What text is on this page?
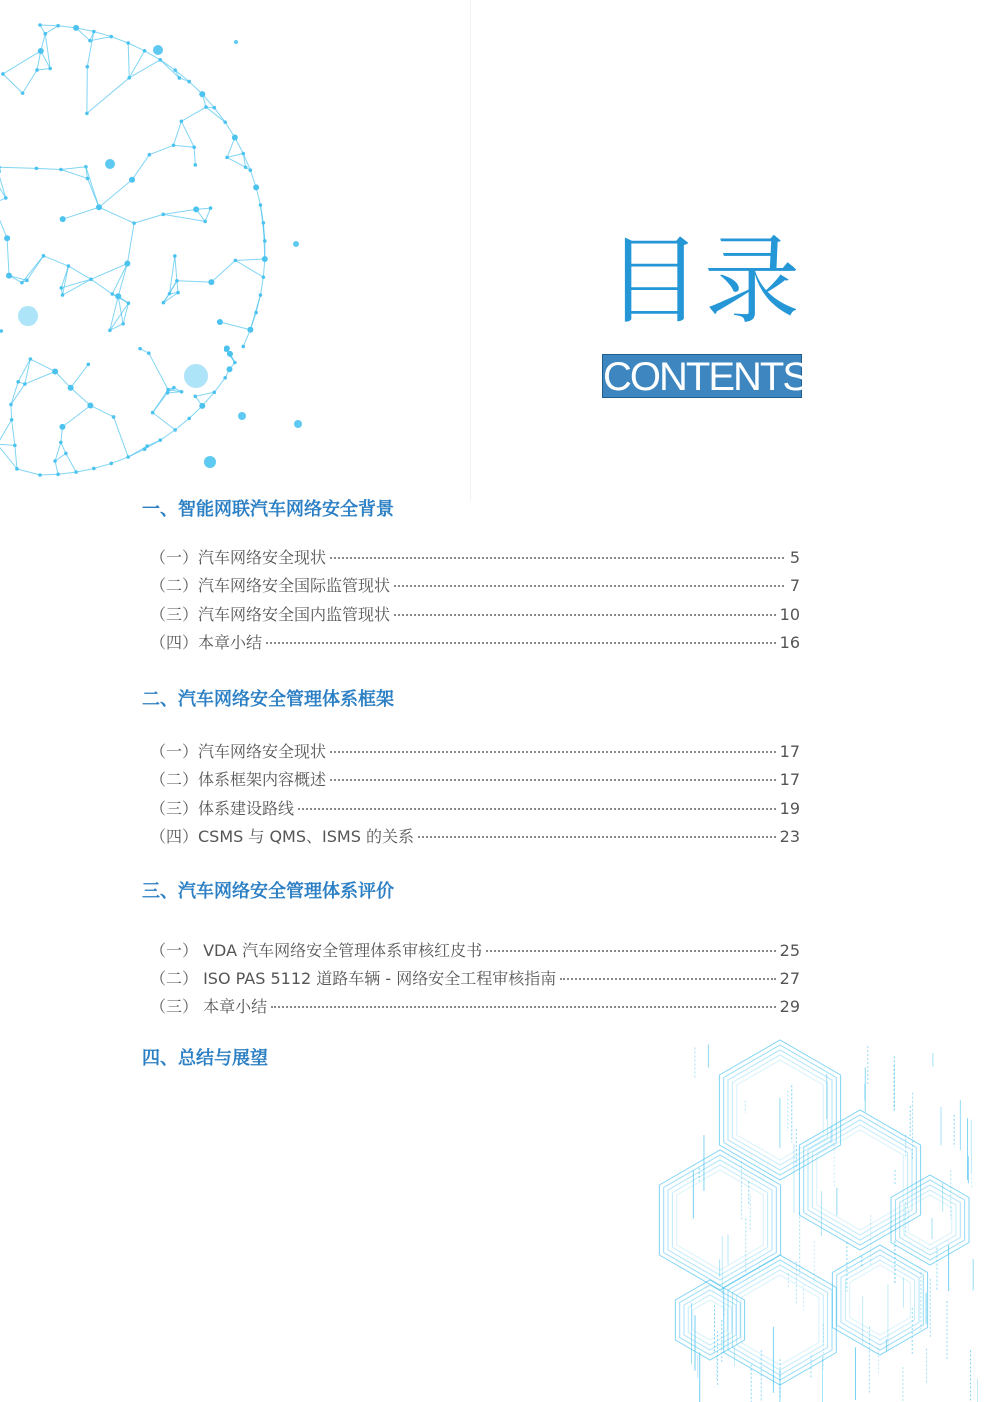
目录
CONTENTS
一、智能网联汽车网络安全背景
（一）汽车网络安全现状	5
（二）汽车网络安全国际监管现状	7
（三）汽车网络安全国内监管现状	10
（四）本章小结	16
二、汽车网络安全管理体系框架
（一）汽车网络安全现状	17
（二）体系框架内容概述	17
（三）体系建设路线	19
（四）CSMS 与 QMS、ISMS 的关系	23
三、汽车网络安全管理体系评价
（一） VDA 汽车网络安全管理体系审核红皮书	25
（二） ISO PAS 5112 道路车辆 - 网络安全工程审核指南	27
（三） 本章小结	29
四、总结与展望
